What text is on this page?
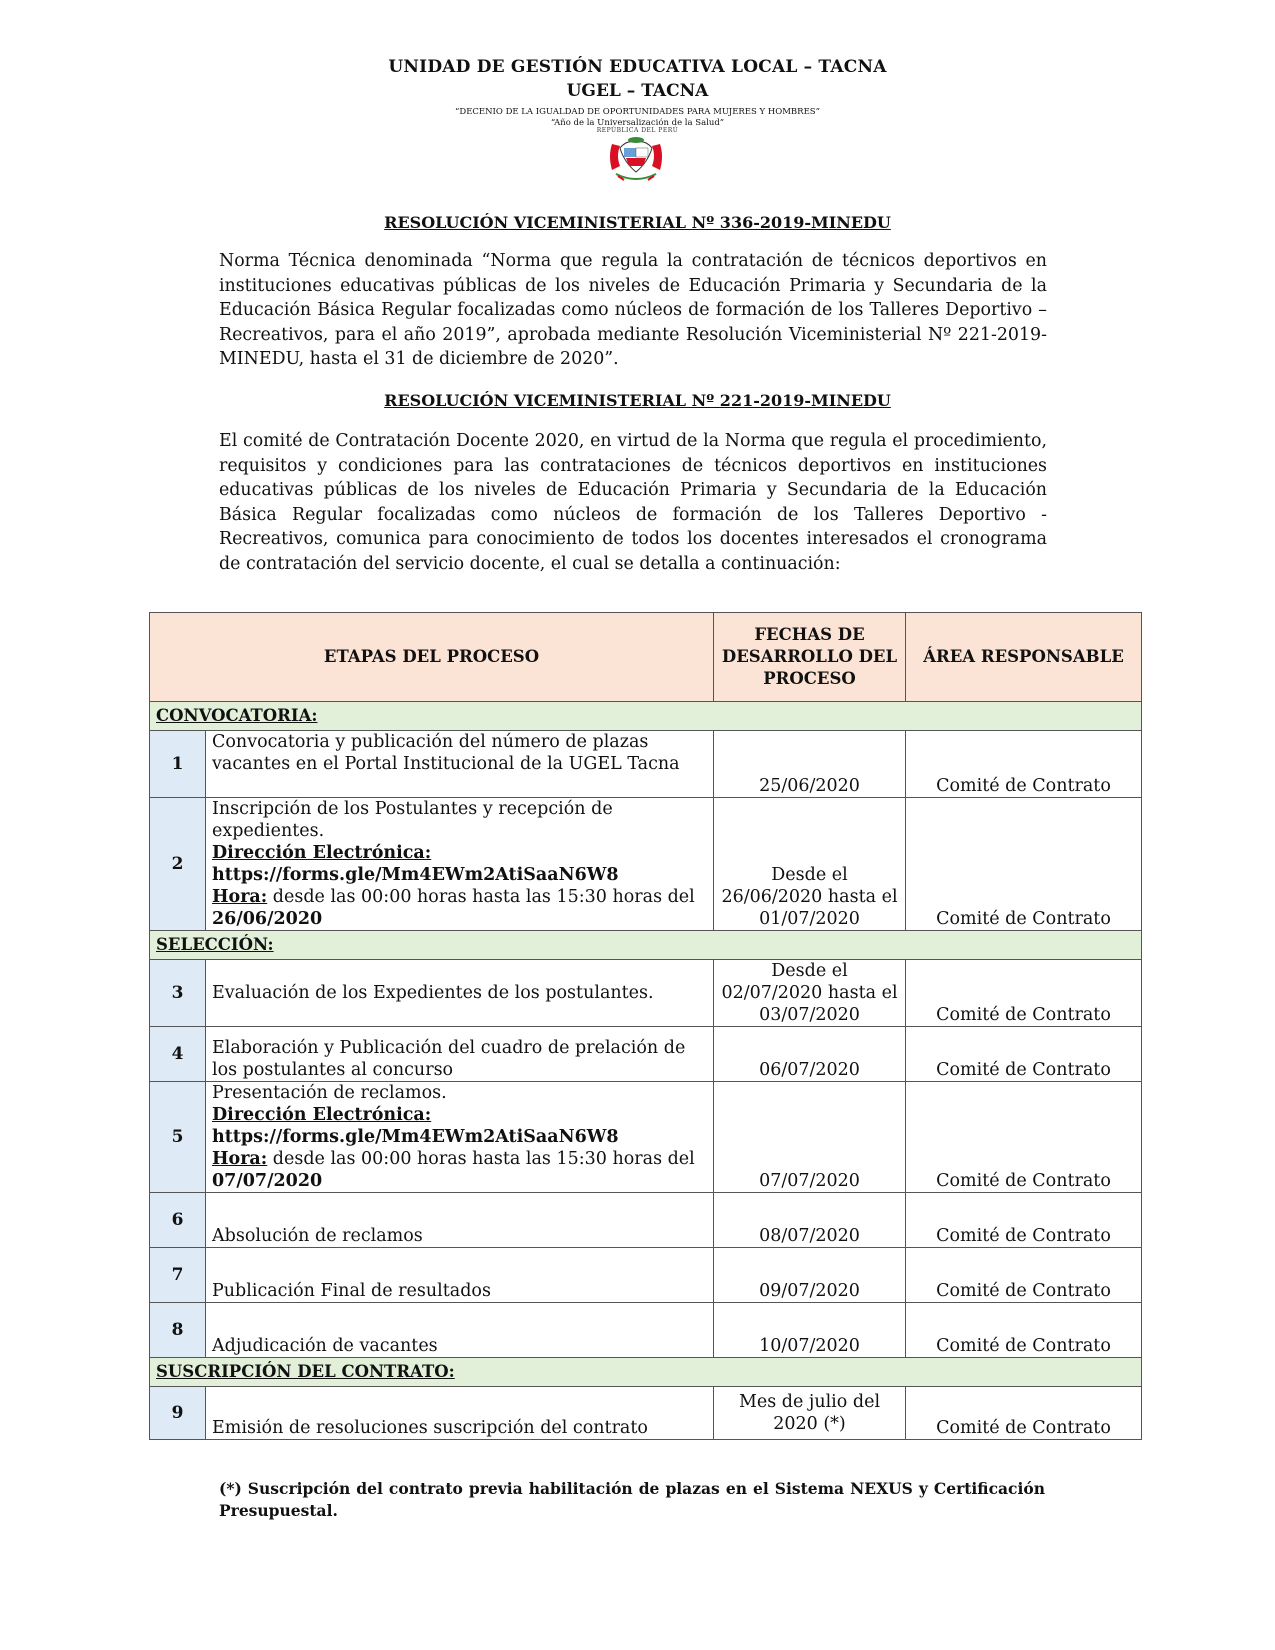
UNIDAD DE GESTIÓN EDUCATIVA LOCAL – TACNA
UGEL – TACNA
“DECENIO DE LA IGUALDAD DE OPORTUNIDADES PARA MUJERES Y HOMBRES”
“Año de la Universalización de la Salud”
REPÚBLICA DEL PERÚ
RESOLUCIÓN VICEMINISTERIAL Nº 336-2019-MINEDU
Norma Técnica denominada “Norma que regula la contratación de técnicos deportivos en instituciones educativas públicas de los niveles de Educación Primaria y Secundaria de la Educación Básica Regular focalizadas como núcleos de formación de los Talleres Deportivo – Recreativos, para el año 2019”, aprobada mediante Resolución Viceministerial Nº 221-2019-MINEDU, hasta el 31 de diciembre de 2020”.
RESOLUCIÓN VICEMINISTERIAL Nº 221-2019-MINEDU
El comité de Contratación Docente 2020, en virtud de la Norma que regula el procedimiento, requisitos y condiciones para las contrataciones de técnicos deportivos en instituciones educativas públicas de los niveles de Educación Primaria y Secundaria de la Educación Básica Regular focalizadas como núcleos de formación de los Talleres Deportivo - Recreativos, comunica para conocimiento de todos los docentes interesados el cronograma de contratación del servicio docente, el cual se detalla a continuación:
ETAPAS DEL PROCESO		FECHAS DE DESARROLLO DEL PROCESO	ÁREA RESPONSABLE
CONVOCATORIA:			
1	Convocatoria y publicación del número de plazas vacantes en el Portal Institucional de la UGEL Tacna	25/06/2020	Comité de Contrato
2	Inscripción de los Postulantes y recepción de expedientes.
Dirección Electrónica:
https://forms.gle/Mm4EWm2AtiSaaN6W8
Hora: desde las 00:00 horas hasta las 15:30 horas del 26/06/2020	Desde el 26/06/2020 hasta el 01/07/2020	Comité de Contrato
SELECCIÓN:			
3	Evaluación de los Expedientes de los postulantes.	Desde el 02/07/2020 hasta el 03/07/2020	Comité de Contrato
4	Elaboración y Publicación del cuadro de prelación de los postulantes al concurso	06/07/2020	Comité de Contrato
5	Presentación de reclamos.
Dirección Electrónica:
https://forms.gle/Mm4EWm2AtiSaaN6W8
Hora: desde las 00:00 horas hasta las 15:30 horas del 07/07/2020	07/07/2020	Comité de Contrato
6	Absolución de reclamos	08/07/2020	Comité de Contrato
7	Publicación Final de resultados	09/07/2020	Comité de Contrato
8	Adjudicación de vacantes	10/07/2020	Comité de Contrato
SUSCRIPCIÓN DEL CONTRATO:			
9	Emisión de resoluciones suscripción del contrato	Mes de julio del 2020 (*)	Comité de Contrato
(*) Suscripción del contrato previa habilitación de plazas en el Sistema NEXUS y Certificación Presupuestal.
